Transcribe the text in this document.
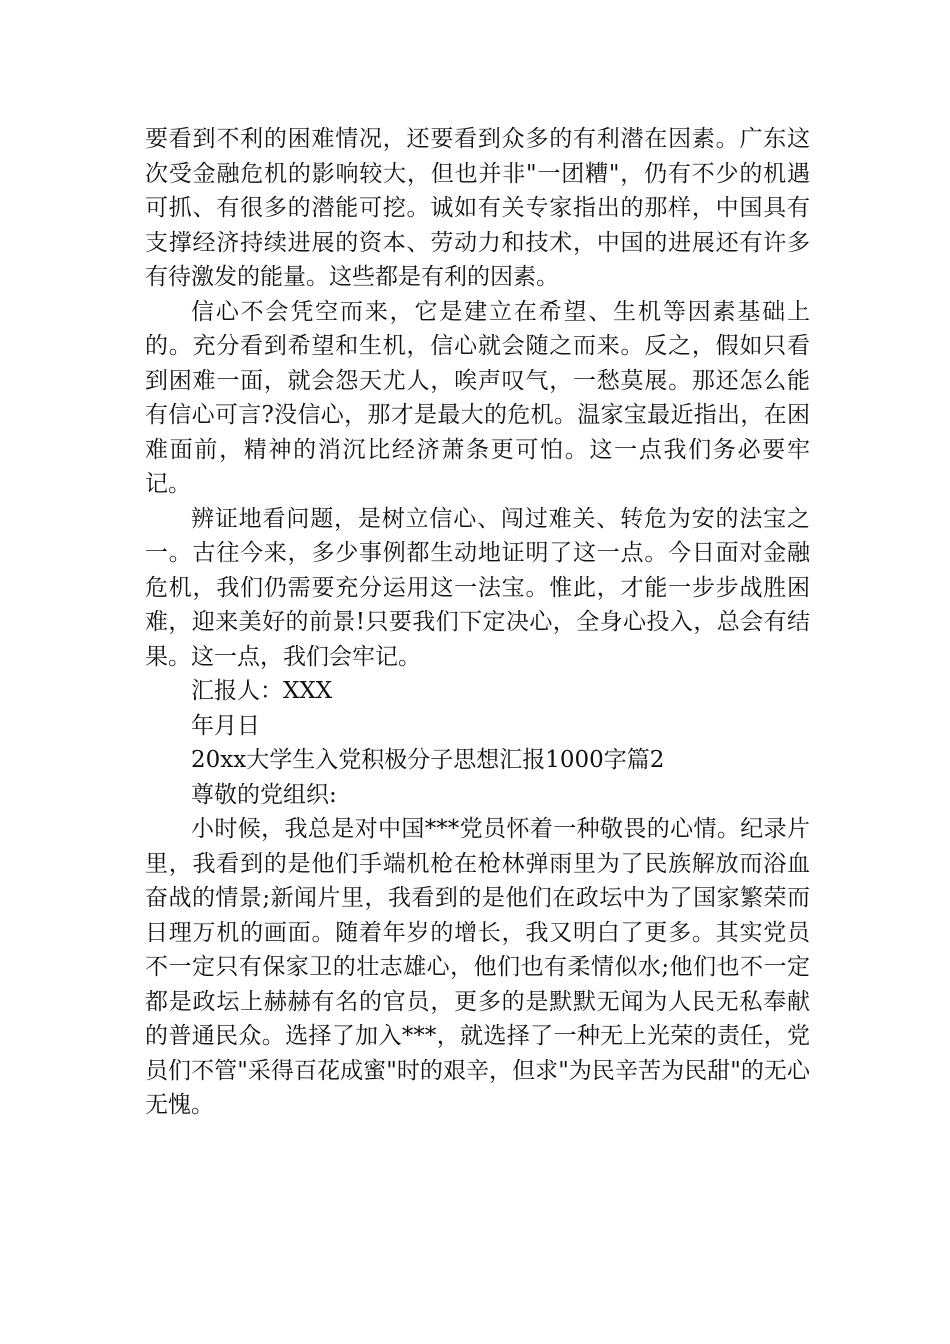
要看到不利的困难情况，还要看到众多的有利潜在因素。广东这次受金融危机的影响较大，但也并非"一团糟"，仍有不少的机遇可抓、有很多的潜能可挖。诚如有关专家指出的那样，中国具有支撑经济持续进展的资本、劳动力和技术，中国的进展还有许多有待激发的能量。这些都是有利的因素。

信心不会凭空而来，它是建立在希望、生机等因素基础上的。充分看到希望和生机，信心就会随之而来。反之，假如只看到困难一面，就会怨天尤人，唉声叹气，一愁莫展。那还怎么能有信心可言?没信心，那才是最大的危机。温家宝最近指出，在困难面前，精神的消沉比经济萧条更可怕。这一点我们务必要牢记。

辨证地看问题，是树立信心、闯过难关、转危为安的法宝之一。古往今来，多少事例都生动地证明了这一点。今日面对金融危机，我们仍需要充分运用这一法宝。惟此，才能一步步战胜困难，迎来美好的前景!只要我们下定决心，全身心投入，总会有结果。这一点，我们会牢记。

汇报人：XXX

年月日

20xx大学生入党积极分子思想汇报1000字篇2

尊敬的党组织:

小时候，我总是对中国***党员怀着一种敬畏的心情。纪录片里，我看到的是他们手端机枪在枪林弹雨里为了民族解放而浴血奋战的情景;新闻片里，我看到的是他们在政坛中为了国家繁荣而日理万机的画面。随着年岁的增长，我又明白了更多。其实党员不一定只有保家卫的壮志雄心，他们也有柔情似水;他们也不一定都是政坛上赫赫有名的官员，更多的是默默无闻为人民无私奉献的普通民众。选择了加入***，就选择了一种无上光荣的责任，党员们不管"采得百花成蜜"时的艰辛，但求"为民辛苦为民甜"的无心无愧。
